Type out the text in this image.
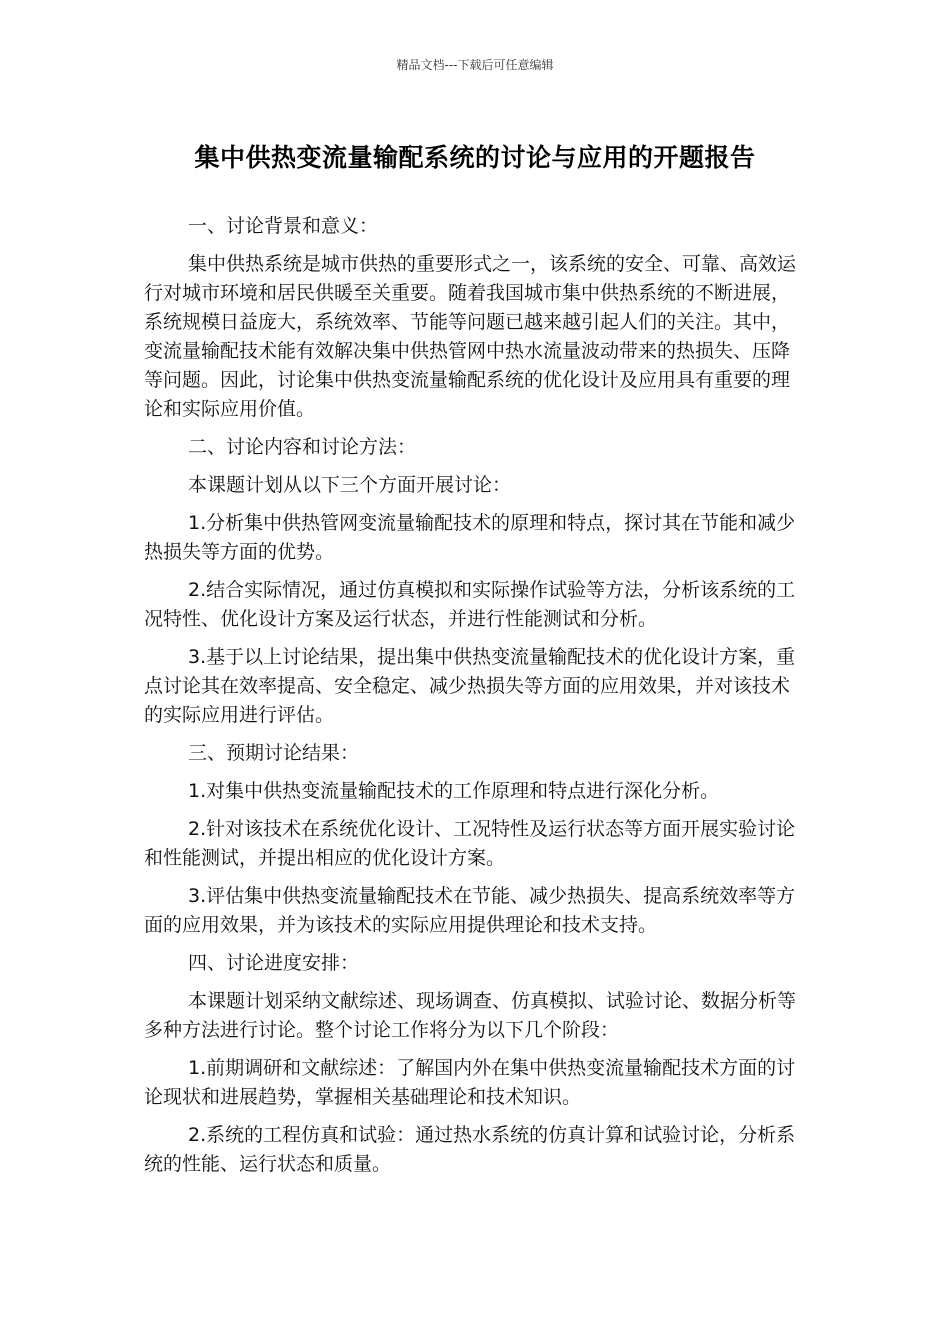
精品文档---下载后可任意编辑
集中供热变流量输配系统的讨论与应用的开题报告

一、讨论背景和意义：

集中供热系统是城市供热的重要形式之一，该系统的安全、可靠、高效运行对城市环境和居民供暖至关重要。随着我国城市集中供热系统的不断进展，系统规模日益庞大，系统效率、节能等问题已越来越引起人们的关注。其中，变流量输配技术能有效解决集中供热管网中热水流量波动带来的热损失、压降等问题。因此，讨论集中供热变流量输配系统的优化设计及应用具有重要的理论和实际应用价值。

二、讨论内容和讨论方法：

本课题计划从以下三个方面开展讨论：

1.分析集中供热管网变流量输配技术的原理和特点，探讨其在节能和减少热损失等方面的优势。

2.结合实际情况，通过仿真模拟和实际操作试验等方法，分析该系统的工况特性、优化设计方案及运行状态，并进行性能测试和分析。

3.基于以上讨论结果，提出集中供热变流量输配技术的优化设计方案，重点讨论其在效率提高、安全稳定、减少热损失等方面的应用效果，并对该技术的实际应用进行评估。

三、预期讨论结果：

1.对集中供热变流量输配技术的工作原理和特点进行深化分析。

2.针对该技术在系统优化设计、工况特性及运行状态等方面开展实验讨论和性能测试，并提出相应的优化设计方案。

3.评估集中供热变流量输配技术在节能、减少热损失、提高系统效率等方面的应用效果，并为该技术的实际应用提供理论和技术支持。

四、讨论进度安排：

本课题计划采纳文献综述、现场调查、仿真模拟、试验讨论、数据分析等多种方法进行讨论。整个讨论工作将分为以下几个阶段：

1.前期调研和文献综述：了解国内外在集中供热变流量输配技术方面的讨论现状和进展趋势，掌握相关基础理论和技术知识。

2.系统的工程仿真和试验：通过热水系统的仿真计算和试验讨论，分析系统的性能、运行状态和质量。
